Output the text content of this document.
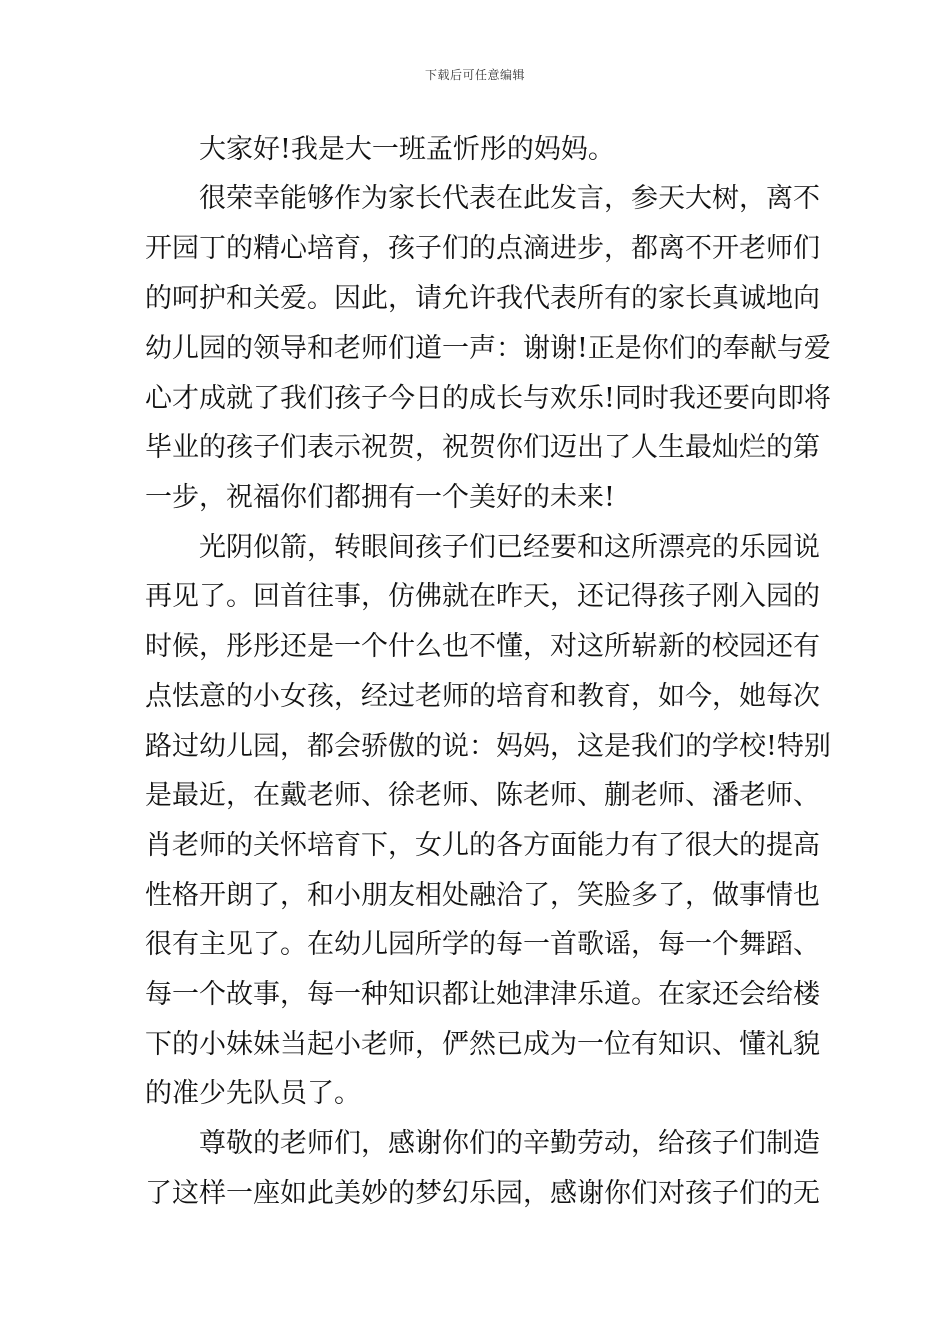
下载后可任意编辑
大家好!我是大一班孟忻彤的妈妈。
很荣幸能够作为家长代表在此发言，参天大树，离不
开园丁的精心培育，孩子们的点滴进步，都离不开老师们
的呵护和关爱。因此，请允许我代表所有的家长真诚地向
幼儿园的领导和老师们道一声：谢谢!正是你们的奉献与爱
心才成就了我们孩子今日的成长与欢乐!同时我还要向即将
毕业的孩子们表示祝贺，祝贺你们迈出了人生最灿烂的第
一步，祝福你们都拥有一个美好的未来!
光阴似箭，转眼间孩子们已经要和这所漂亮的乐园说
再见了。回首往事，仿佛就在昨天，还记得孩子刚入园的
时候，彤彤还是一个什么也不懂，对这所崭新的校园还有
点怯意的小女孩，经过老师的培育和教育，如今，她每次
路过幼儿园，都会骄傲的说：妈妈，这是我们的学校!特别
是最近，在戴老师、徐老师、陈老师、蒯老师、潘老师、
肖老师的关怀培育下，女儿的各方面能力有了很大的提高
性格开朗了，和小朋友相处融洽了，笑脸多了，做事情也
很有主见了。在幼儿园所学的每一首歌谣，每一个舞蹈、
每一个故事，每一种知识都让她津津乐道。在家还会给楼
下的小妹妹当起小老师，俨然已成为一位有知识、懂礼貌
的准少先队员了。
尊敬的老师们，感谢你们的辛勤劳动，给孩子们制造
了这样一座如此美妙的梦幻乐园，感谢你们对孩子们的无
